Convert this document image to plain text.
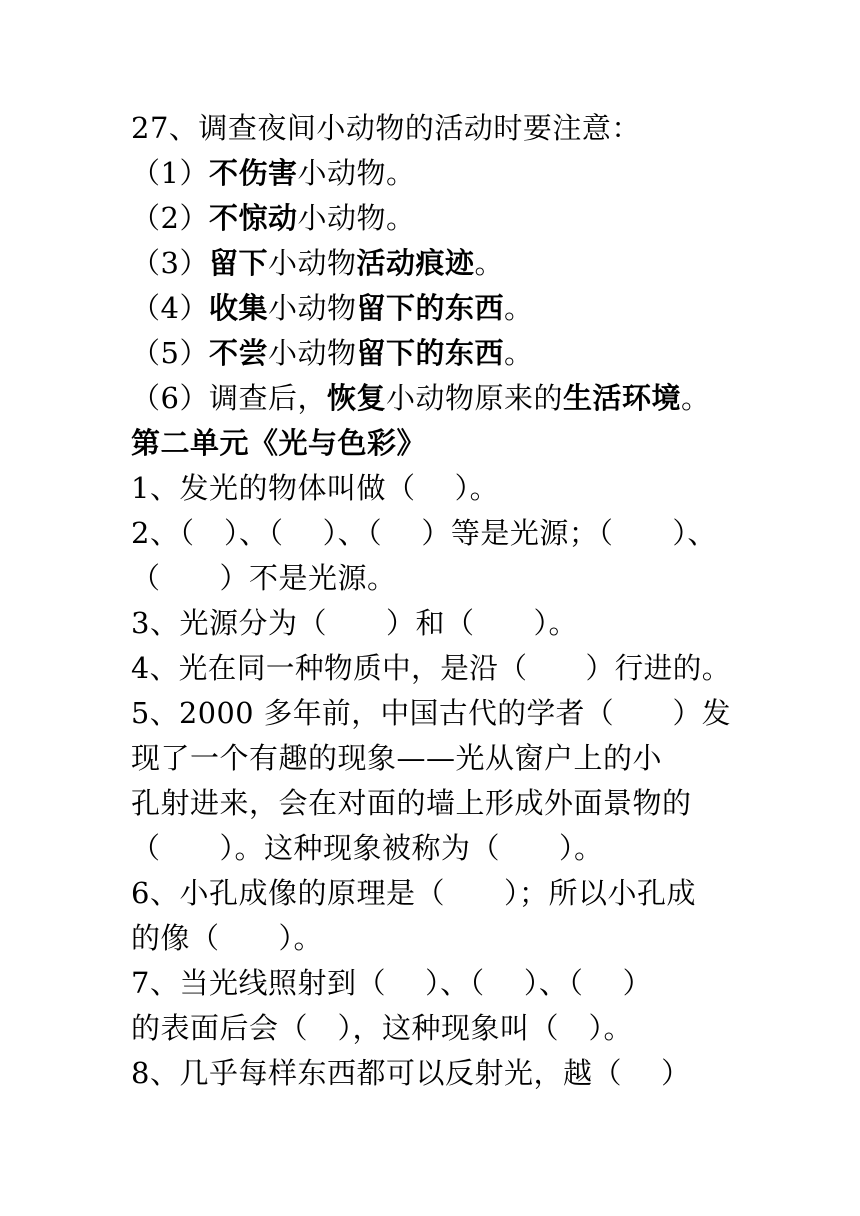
27、调查夜间小动物的活动时要注意：
（1）不伤害小动物。
（2）不惊动小动物。
（3）留下小动物活动痕迹。
（4）收集小动物留下的东西。
（5）不尝小动物留下的东西。
（6）调查后，恢复小动物原来的生活环境。
第二单元《光与色彩》
1、发光的物体叫做（　 ）。
2、（　）、（　 ）、（　 ）等是光源；（　　）、
（　　）不是光源。
3、光源分为（　　）和（　　）。
4、光在同一种物质中，是沿（　　）行进的。
5、2000 多年前，中国古代的学者（　　）发
现了一个有趣的现象——光从窗户上的小
孔射进来，会在对面的墙上形成外面景物的
（　　）。这种现象被称为（　　）。
6、小孔成像的原理是（　　）；所以小孔成
的像（　　）。
7、当光线照射到（　 ）、（　 ）、（　 ）
的表面后会（　），这种现象叫（　）。
8、几乎每样东西都可以反射光，越（　 ）
